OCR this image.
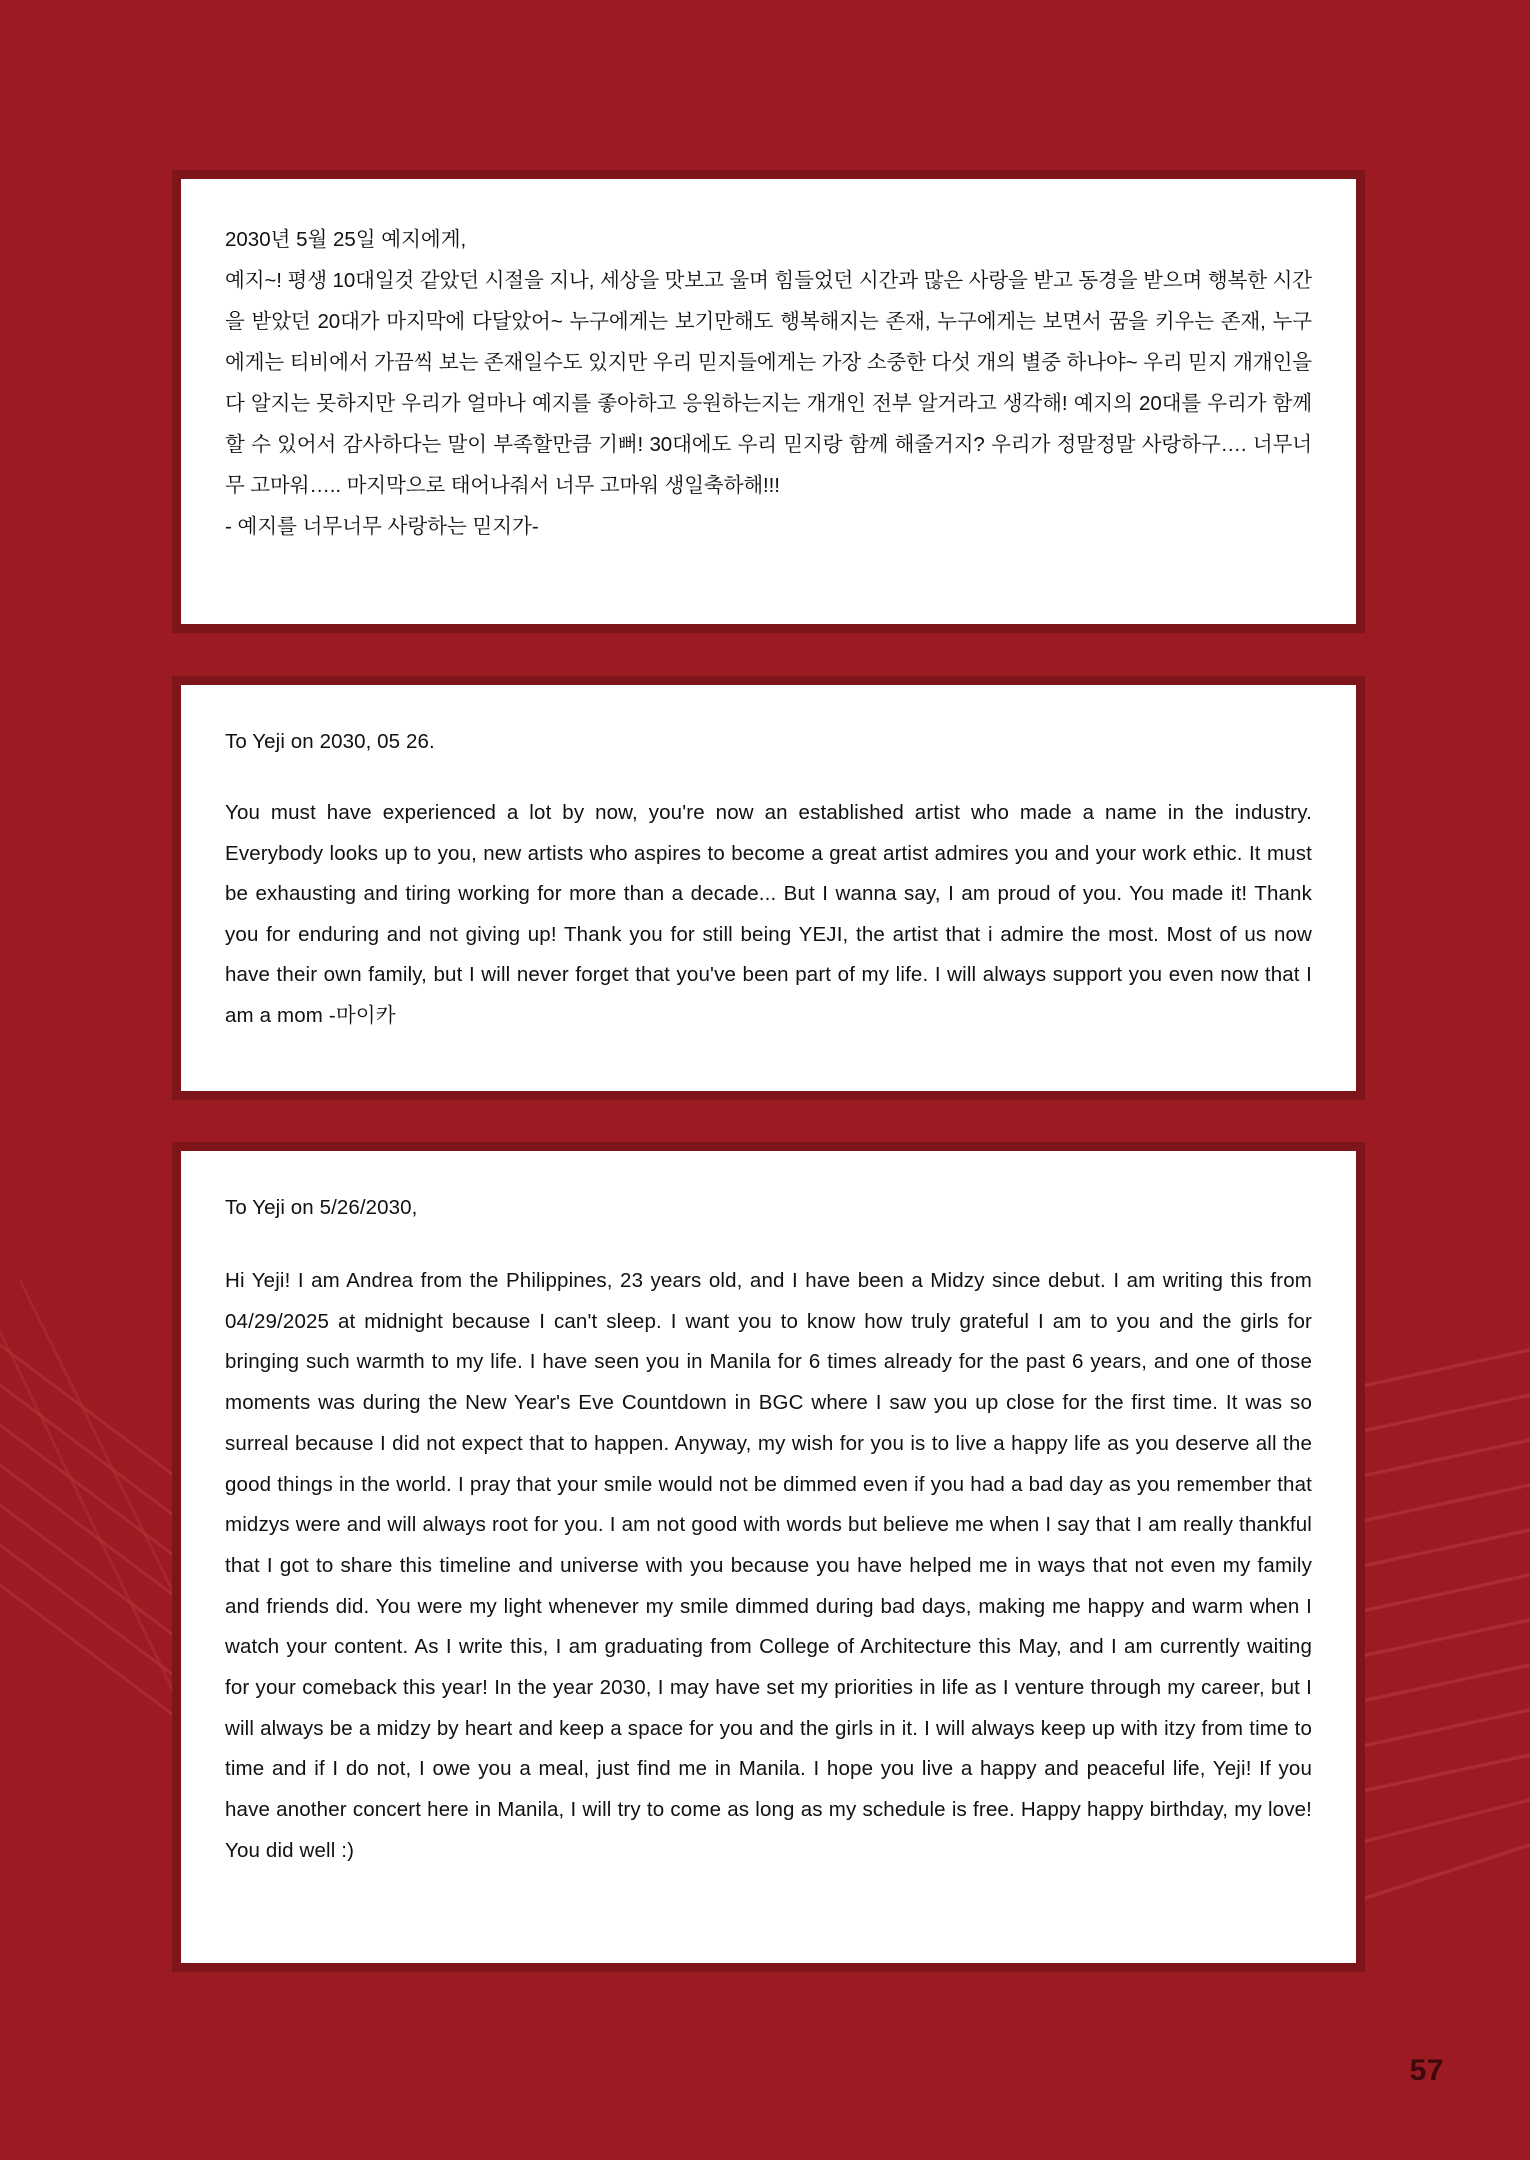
2030년 5월 25일 예지에게,
예지~! 평생 10대일것 같았던 시절을 지나, 세상을 맛보고 울며 힘들었던 시간과 많은 사랑을 받고 동경을 받으며 행복한 시간을 받았던 20대가 마지막에 다달았어~ 누구에게는 보기만해도 행복해지는 존재, 누구에게는 보면서 꿈을 키우는 존재, 누구에게는 티비에서 가끔씩 보는 존재일수도 있지만 우리 믿지들에게는 가장 소중한 다섯 개의 별중 하나야~ 우리 믿지 개개인을 다 알지는 못하지만 우리가 얼마나 예지를 좋아하고 응원하는지는 개개인 전부 알거라고 생각해! 예지의 20대를 우리가 함께할 수 있어서 감사하다는 말이 부족할만큼 기뻐! 30대에도 우리 믿지랑 함께 해줄거지? 우리가 정말정말 사랑하구…. 너무너무 고마워….. 마지막으로 태어나줘서 너무 고마워 생일축하해!!!
- 예지를 너무너무 사랑하는 믿지가-
To Yeji on 2030, 05 26.
You must have experienced a lot by now, you're now an established artist who made a name in the industry. Everybody looks up to you, new artists who aspires to become a great artist admires you and your work ethic. It must be exhausting and tiring working for more than a decade... But I wanna say, I am proud of you. You made it! Thank you for enduring and not giving up! Thank you for still being YEJI, the artist that i admire the most. Most of us now have their own family, but I will never forget that you've been part of my life. I will always support you even now that I am a mom -마이카
To Yeji on 5/26/2030,
Hi Yeji! I am Andrea from the Philippines, 23 years old, and I have been a Midzy since debut. I am writing this from 04/29/2025 at midnight because I can't sleep. I want you to know how truly grateful I am to you and the girls for bringing such warmth to my life. I have seen you in Manila for 6 times already for the past 6 years, and one of those moments was during the New Year's Eve Countdown in BGC where I saw you up close for the first time. It was so surreal because I did not expect that to happen. Anyway, my wish for you is to live a happy life as you deserve all the good things in the world. I pray that your smile would not be dimmed even if you had a bad day as you remember that midzys were and will always root for you. I am not good with words but believe me when I say that I am really thankful that I got to share this timeline and universe with you because you have helped me in ways that not even my family and friends did. You were my light whenever my smile dimmed during bad days, making me happy and warm when I watch your content. As I write this, I am graduating from College of Architecture this May, and I am currently waiting for your comeback this year! In the year 2030, I may have set my priorities in life as I venture through my career, but I will always be a midzy by heart and keep a space for you and the girls in it. I will always keep up with itzy from time to time and if I do not, I owe you a meal, just find me in Manila. I hope you live a happy and peaceful life, Yeji! If you have another concert here in Manila, I will try to come as long as my schedule is free. Happy happy birthday, my love! You did well :)
57
